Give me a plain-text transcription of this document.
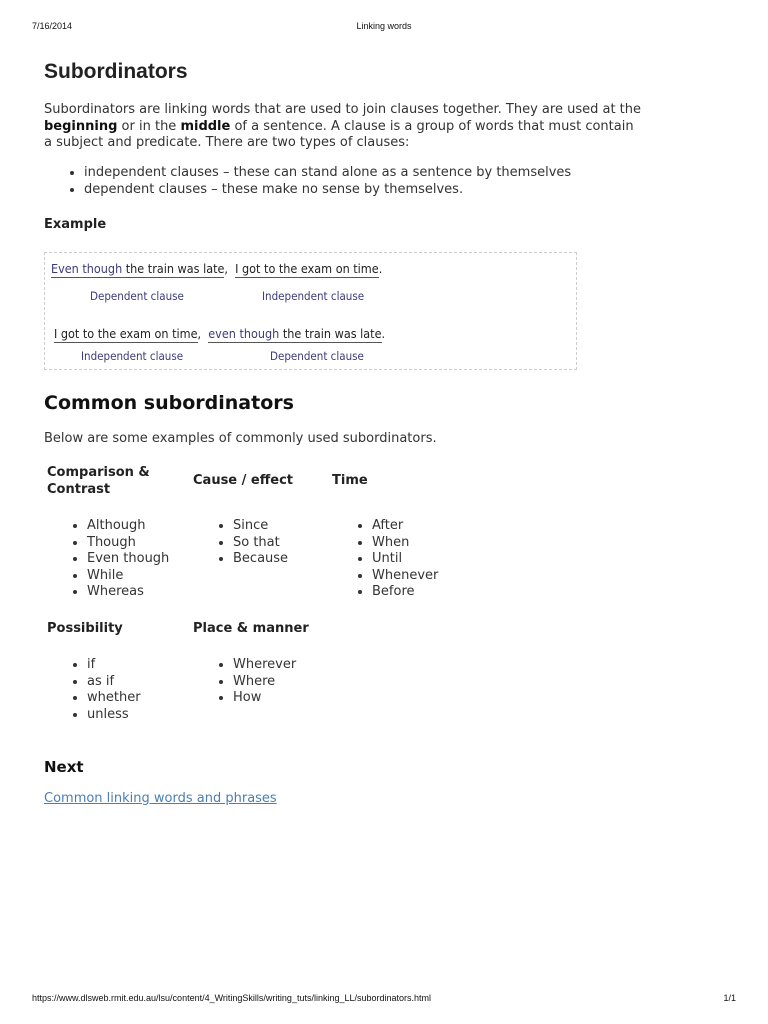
7/16/2014	Linking words
Subordinators

Subordinators are linking words that are used to join clauses together. They are used at the beginning or in the middle of a sentence. A clause is a group of words that must contain a subject and predicate. There are two types of clauses:

• independent clauses – these can stand alone as a sentence by themselves
• dependent clauses – these make no sense by themselves.
Example
Even though the train was late, I got to the exam on time.
Dependent clause	Independent clause
I got to the exam on time, even though the train was late.
Independent clause	Dependent clause
Common subordinators

Below are some examples of commonly used subordinators.

Comparison & Contrast

• Although
• Though
• Even though
• While
• Whereas

Cause / effect

• Since
• So that
• Because

Time

• After
• When
• Until
• Whenever
• Before

Possibility

• if
• as if
• whether
• unless

Place & manner

• Wherever
• Where
• How
Next
Common linking words and phrases
https://www.dlsweb.rmit.edu.au/lsu/content/4_WritingSkills/writing_tuts/linking_LL/subordinators.html	1/1
